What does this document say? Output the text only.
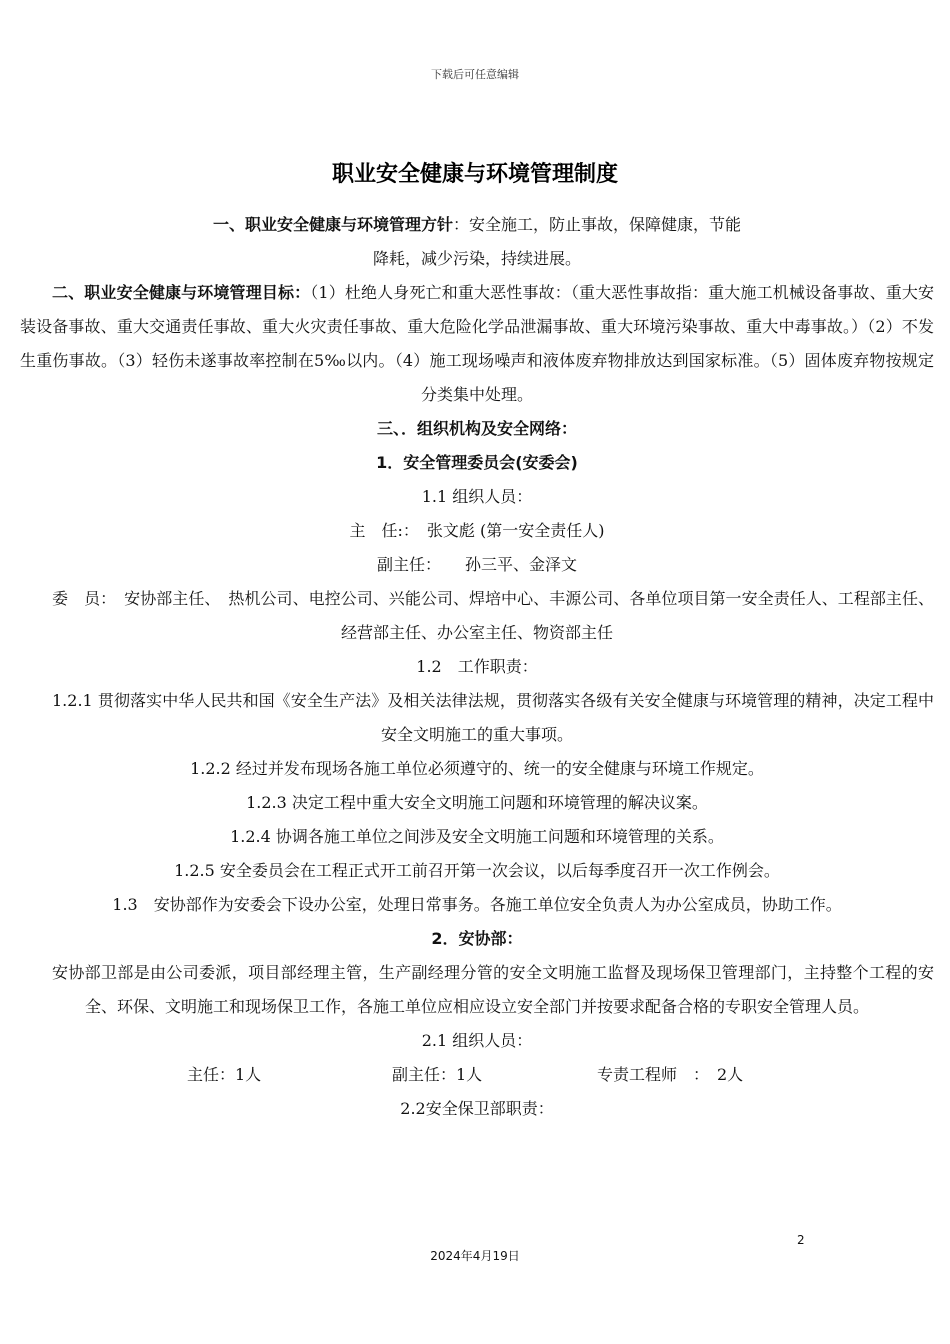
下载后可任意编辑
职业安全健康与环境管理制度

一、职业安全健康与环境管理方针：安全施工，防止事故，保障健康，节能

降耗，减少污染，持续进展。

二、职业安全健康与环境管理目标：（1）杜绝人身死亡和重大恶性事故：（重大恶性事故指：重大施工机械设备事故、重大安装设备事故、重大交通责任事故、重大火灾责任事故、重大危险化学品泄漏事故、重大环境污染事故、重大中毒事故。）（2）不发生重伤事故。（3）轻伤未遂事故率控制在5‰以内。（4）施工现场噪声和液体废弃物排放达到国家标准。（5）固体废弃物按规定分类集中处理。

三、．组织机构及安全网络：

1．安全管理委员会(安委会)

1.1 组织人员：

主　任:：　张文彪 (第一安全责任人)

副主任：　　孙三平、金泽文

委　员：　安协部主任、　热机公司、电控公司、兴能公司、焊培中心、丰源公司、各单位项目第一安全责任人、工程部主任、经营部主任、办公室主任、物资部主任

1.2　工作职责：

1.2.1 贯彻落实中华人民共和国《安全生产法》及相关法律法规，贯彻落实各级有关安全健康与环境管理的精神，决定工程中安全文明施工的重大事项。

1.2.2 经过并发布现场各施工单位必须遵守的、统一的安全健康与环境工作规定。

1.2.3 决定工程中重大安全文明施工问题和环境管理的解决议案。

1.2.4 协调各施工单位之间涉及安全文明施工问题和环境管理的关系。

1.2.5 安全委员会在工程正式开工前召开第一次会议，以后每季度召开一次工作例会。

1.3　安协部作为安委会下设办公室，处理日常事务。各施工单位安全负责人为办公室成员，协助工作。

2．安协部：

安协部卫部是由公司委派，项目部经理主管，生产副经理分管的安全文明施工监督及现场保卫管理部门，主持整个工程的安全、环保、文明施工和现场保卫工作，各施工单位应相应设立安全部门并按要求配备合格的专职安全管理人员。

2.1 组织人员：

主任：1人	副主任：1人	专责工程师　：　2人

2.2安全保卫部职责：

2
2024年4月19日
